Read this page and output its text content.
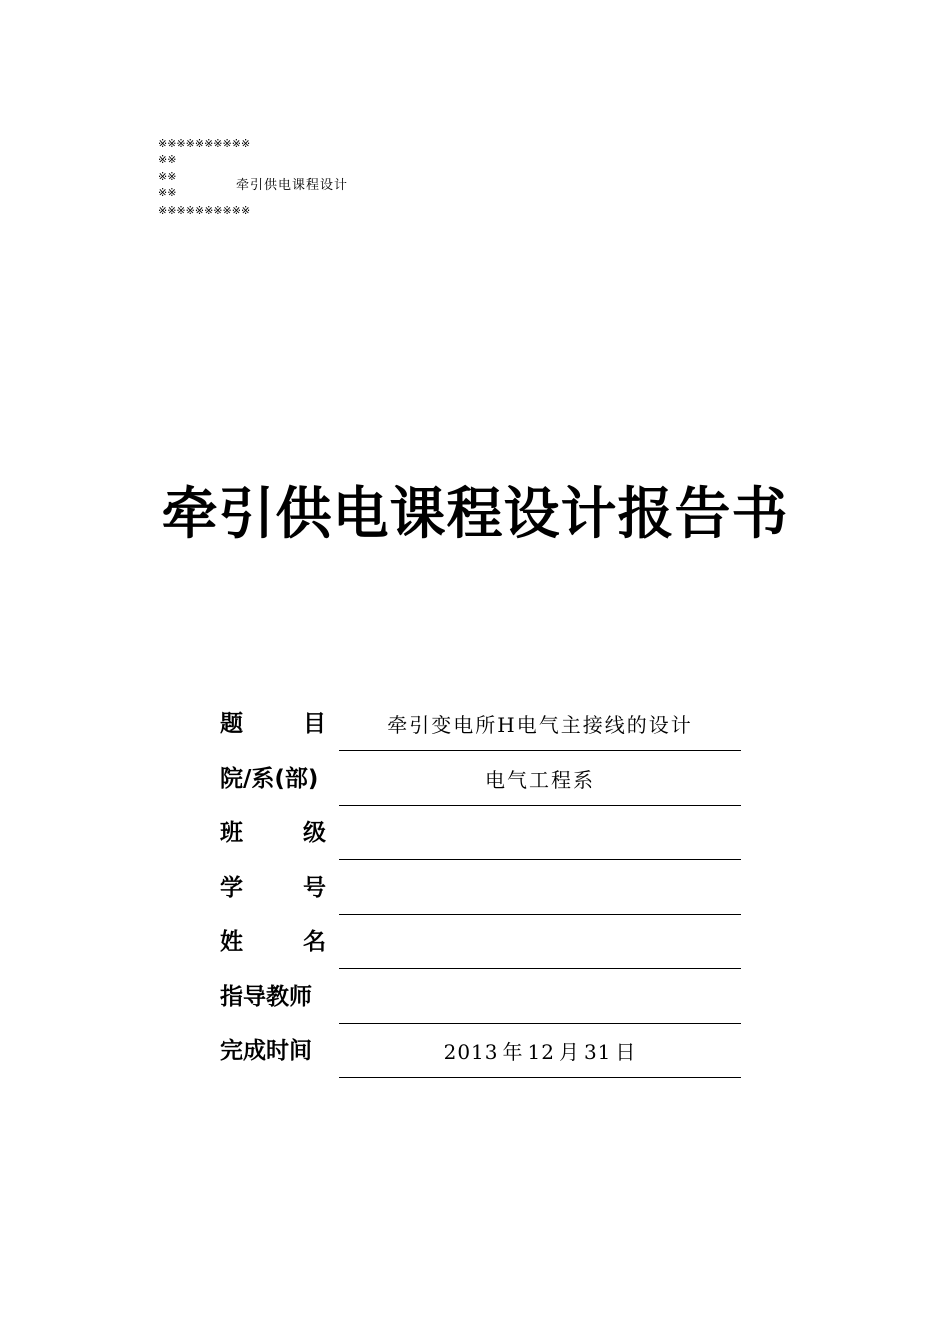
※※※※※※※※※※
※※
※※
※※
※※※※※※※※※※
牵引供电课程设计
牵引供电课程设计报告书
题	目	牵引变电所H电气主接线的设计
院/系(部)	电气工程系
班	级
学	号
姓	名
指导教师
完成时间	2013 年 12 月 31 日
